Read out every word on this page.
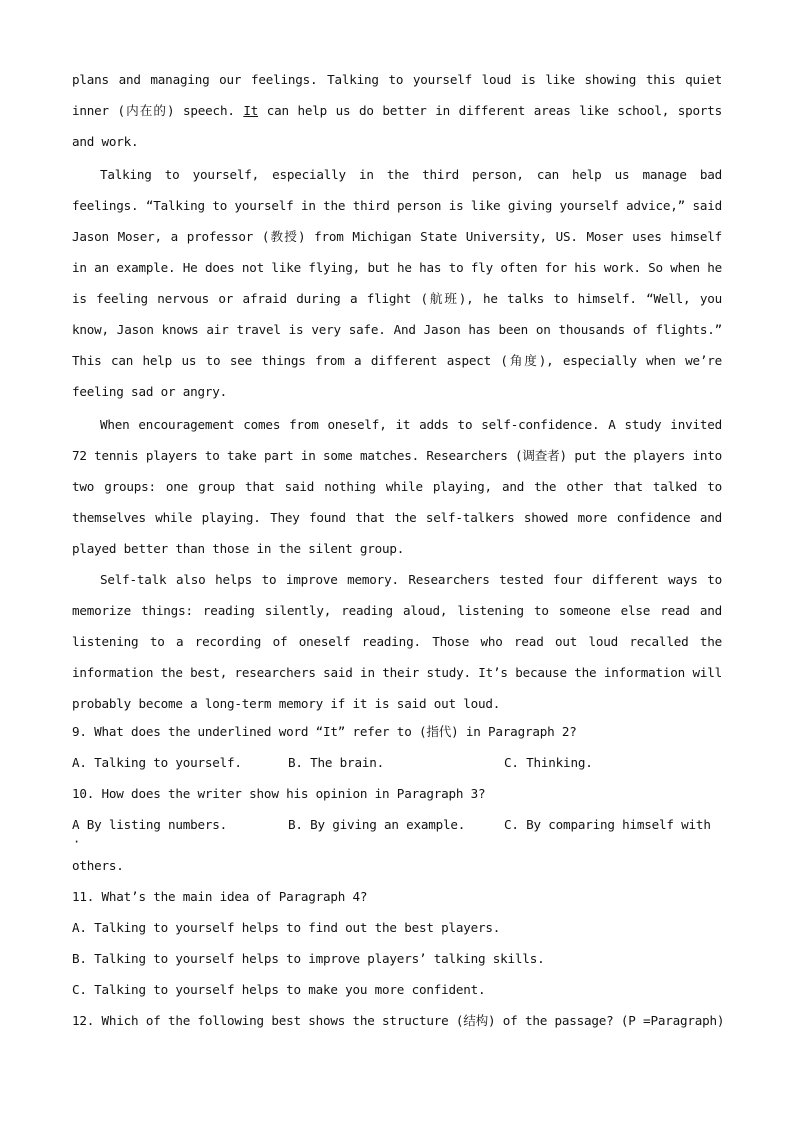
plans and managing our feelings. Talking to yourself loud is like showing this quiet inner (内在的) speech. It can help us do better in different areas like school, sports and work.

Talking to yourself, especially in the third person, can help us manage bad feelings. “Talking to yourself in the third person is like giving yourself advice,” said Jason Moser, a professor (教授) from Michigan State University, US. Moser uses himself in an example. He does not like flying, but he has to fly often for his work. So when he is feeling nervous or afraid during a flight (航班), he talks to himself. “Well, you know, Jason knows air travel is very safe. And Jason has been on thousands of flights.” This can help us to see things from a different aspect (角度), especially when we’re feeling sad or angry.

When encouragement comes from oneself, it adds to self-confidence. A study invited 72 tennis players to take part in some matches. Researchers (调查者) put the players into two groups: one group that said nothing while playing, and the other that talked to themselves while playing. They found that the self-talkers showed more confidence and played better than those in the silent group.

Self-talk also helps to improve memory. Researchers tested four different ways to memorize things: reading silently, reading aloud, listening to someone else read and listening to a recording of oneself reading. Those who read out loud recalled the information the best, researchers said in their study. It’s because the information will probably become a long-term memory if it is said out loud.

9. What does the underlined word “It” refer to (指代) in Paragraph 2?

A. Talking to yourself.	B. The brain.	C. Thinking.

10. How does the writer show his opinion in Paragraph 3?

A · By listing numbers.	B. By giving an example.	C. By comparing himself with

others.

11. What’s the main idea of Paragraph 4?

A. Talking to yourself helps to find out the best players.

B. Talking to yourself helps to improve players’ talking skills.

C. Talking to yourself helps to make you more confident.

12. Which of the following best shows the structure (结构) of the passage? (P =Paragraph)
